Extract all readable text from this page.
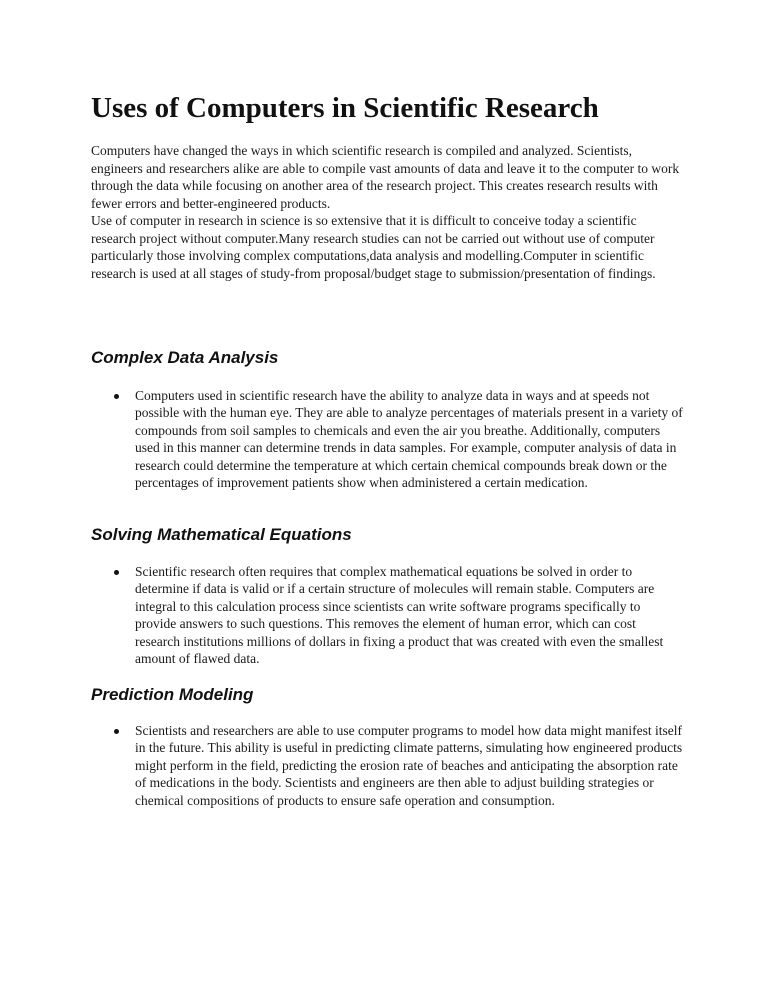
Uses of Computers in Scientific Research

Computers have changed the ways in which scientific research is compiled and analyzed. Scientists, engineers and researchers alike are able to compile vast amounts of data and leave it to the computer to work through the data while focusing on another area of the research project. This creates research results with fewer errors and better-engineered products.

Use of computer in research in science is so extensive that it is difficult to conceive today a scientific research project without computer.Many research studies can not be carried out without use of computer particularly those involving complex computations,data analysis and modelling.Computer in scientific research is used at all stages of study-from proposal/budget stage to submission/presentation of findings.

Complex Data Analysis
Computers used in scientific research have the ability to analyze data in ways and at speeds not possible with the human eye. They are able to analyze percentages of materials present in a variety of compounds from soil samples to chemicals and even the air you breathe. Additionally, computers used in this manner can determine trends in data samples. For example, computer analysis of data in research could determine the temperature at which certain chemical compounds break down or the percentages of improvement patients show when administered a certain medication.
Solving Mathematical Equations
Scientific research often requires that complex mathematical equations be solved in order to determine if data is valid or if a certain structure of molecules will remain stable. Computers are integral to this calculation process since scientists can write software programs specifically to provide answers to such questions. This removes the element of human error, which can cost research institutions millions of dollars in fixing a product that was created with even the smallest amount of flawed data.
Prediction Modeling
Scientists and researchers are able to use computer programs to model how data might manifest itself in the future. This ability is useful in predicting climate patterns, simulating how engineered products might perform in the field, predicting the erosion rate of beaches and anticipating the absorption rate of medications in the body. Scientists and engineers are then able to adjust building strategies or chemical compositions of products to ensure safe operation and consumption.
